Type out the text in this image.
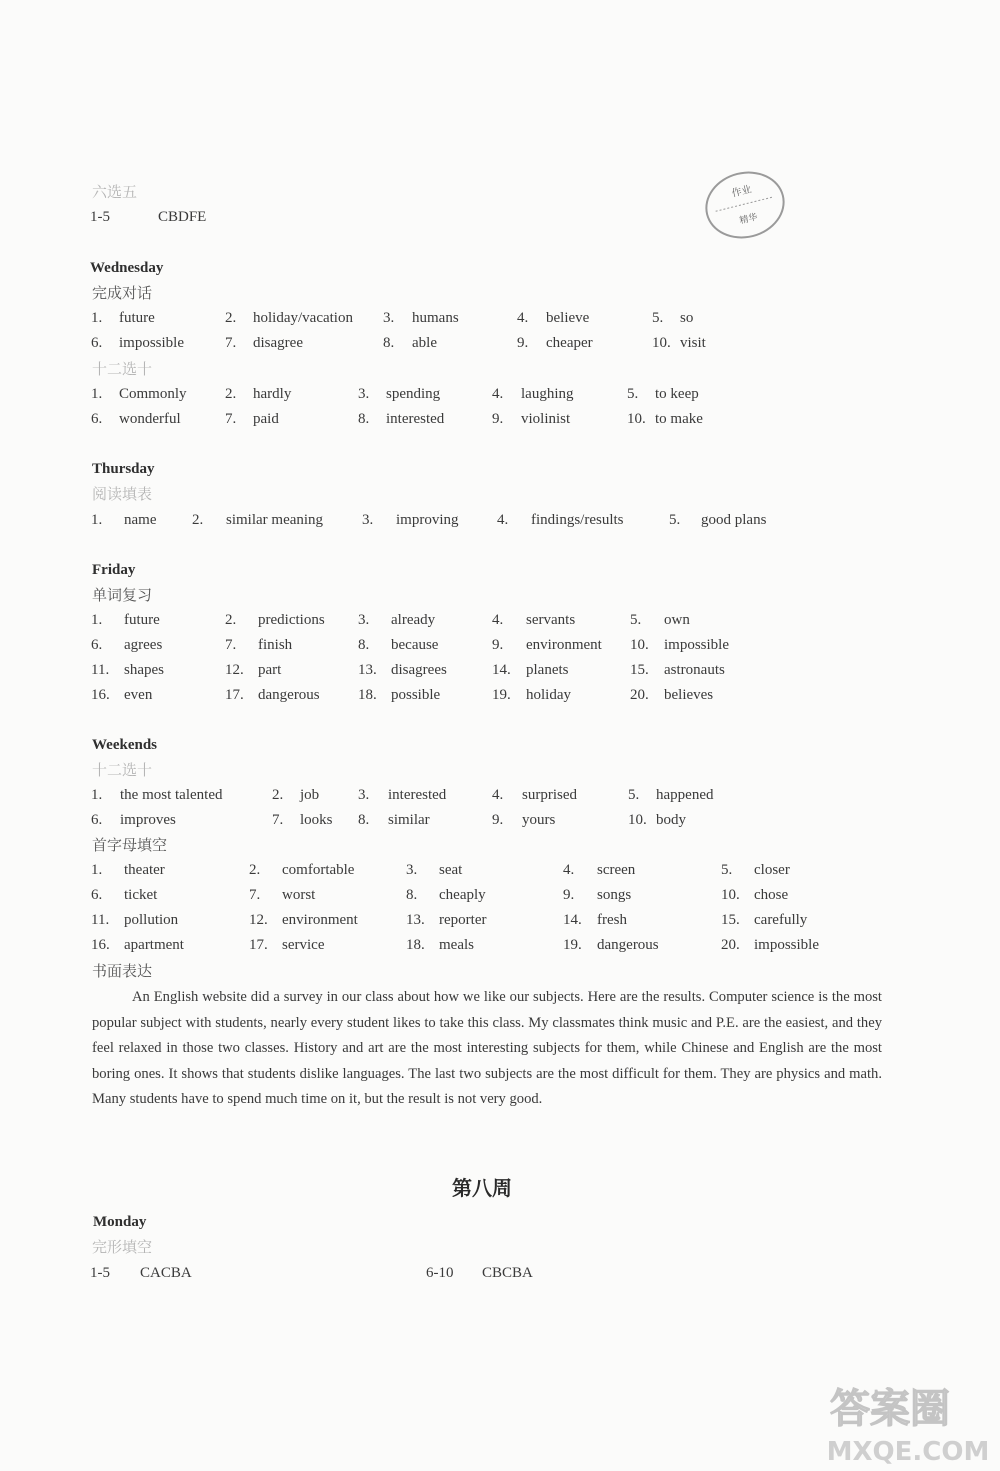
六选五
1-5	CBDFE
作业
精华
Wednesday
完成对话
1. future	2. holiday/vacation 3. humans	4. believe	5. so
6. impossible	7. disagree	8. able	9. cheaper	10. visit
十二选十
1. Commonly	2. hardly	3. spending	4. laughing	5. to keep
6. wonderful	7. paid	8. interested	9. violinist	10. to make
Thursday
阅读填表
1. name 2. similar meaning	3. improving	4. findings/results	5. good plans
Friday
单词复习
1. future	2. predictions 3. already	4. servants	5. own
6. agrees	7. finish	8. because	9. environment 10. impossible
11. shapes	12. part	13. disagrees	14. planets	15. astronauts
16. even	17. dangerous	18. possible	19. holiday	20. believes
Weekends
十二选十
1. the most talented	2. job	3. interested	4. surprised	5. happened
6. improves	7. looks 8. similar	9. yours	10. body
首字母填空
1. theater	2. comfortable	3. seat	4. screen	5. closer
6. ticket	7. worst	8. cheaply	9. songs	10. chose
11. pollution	12. environment	13. reporter	14. fresh	15. carefully
16. apartment	17. service	18. meals	19. dangerous	20. impossible
书面表达
An English website did a survey in our class about how we like our subjects. Here are the results. Computer science is the most popular subject with students, nearly every student likes to take this class. My classmates think music and P.E. are the easiest, and they feel relaxed in those two classes. History and art are the most interesting subjects for them, while Chinese and English are the most boring ones. It shows that students dislike languages. The last two subjects are the most difficult for them. They are physics and math. Many students have to spend much time on it, but the result is not very good.
第八周
Monday
完形填空
1-5 CACBA	6-10 CBCBA
答案圈
MXQE.COM
